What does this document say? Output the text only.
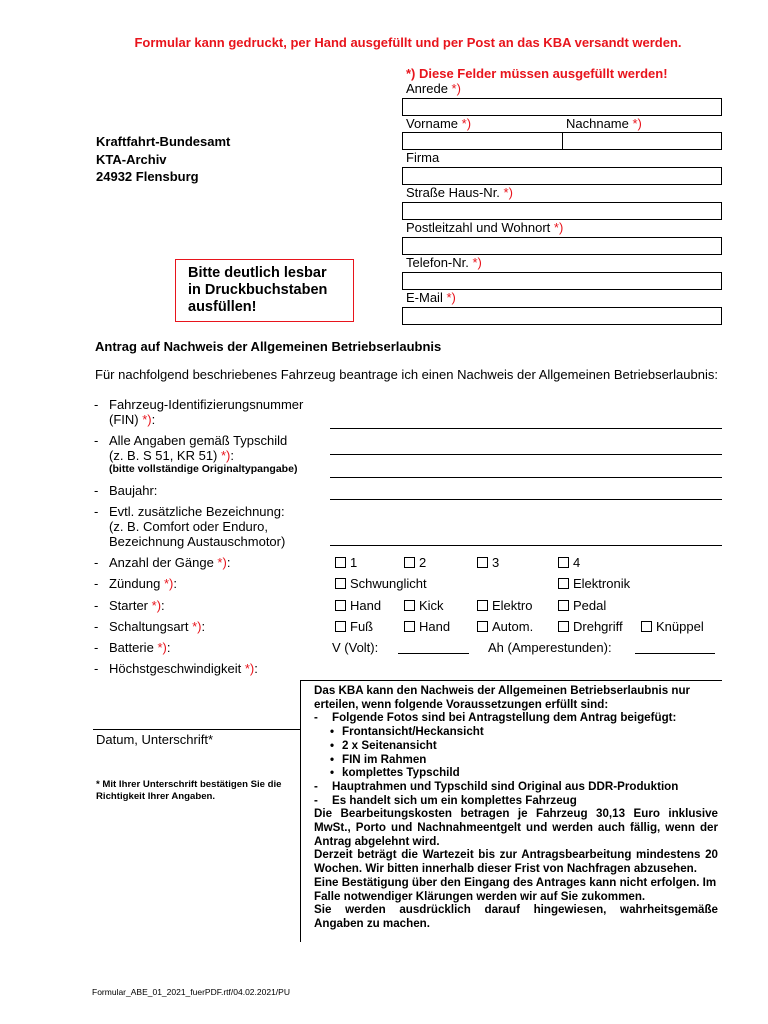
Formular kann gedruckt, per Hand ausgefüllt und per Post an das KBA versandt werden.
*) Diese Felder müssen ausgefüllt werden!
Anrede *)
Vorname *)	Nachname *)
Firma
Straße Haus-Nr. *)
Postleitzahl und Wohnort *)
Telefon-Nr. *)
E-Mail *)
Kraftfahrt-Bundesamt
KTA-Archiv
24932 Flensburg
Bitte deutlich lesbar
in Druckbuchstaben
ausfüllen!
Antrag auf Nachweis der Allgemeinen Betriebserlaubnis
Für nachfolgend beschriebenes Fahrzeug beantrage ich einen Nachweis der Allgemeinen Betriebserlaubnis:
- Fahrzeug-Identifizierungsnummer
(FIN) *):
- Alle Angaben gemäß Typschild
(z. B. S 51, KR 51) *):
(bitte vollständige Originaltypangabe)
- Baujahr:
- Evtl. zusätzliche Bezeichnung:
(z. B. Comfort oder Enduro,
Bezeichnung Austauschmotor)
- Anzahl der Gänge *):	1	2	3	4
- Zündung *):	Schwunglicht	Elektronik
- Starter *):	Hand	Kick	Elektro	Pedal
- Schaltungsart *):	Fuß	Hand	Autom.	Drehgriff	Knüppel
- Batterie *):	V (Volt):	Ah (Amperestunden):
- Höchstgeschwindigkeit *):
Datum, Unterschrift*
* Mit Ihrer Unterschrift bestätigen Sie die Richtigkeit Ihrer Angaben.

Das KBA kann den Nachweis der Allgemeinen Betriebserlaubnis nur erteilen, wenn folgende Voraussetzungen erfüllt sind:

- Folgende Fotos sind bei Antragstellung dem Antrag beigefügt:
• Frontansicht/Heckansicht
• 2 x Seitenansicht
• FIN im Rahmen
• komplettes Typschild
- Hauptrahmen und Typschild sind Original aus DDR-Produktion
- Es handelt sich um ein komplettes Fahrzeug

Die Bearbeitungskosten betragen je Fahrzeug 30,13 Euro inklusive MwSt., Porto und Nachnahmeentgelt und werden auch fällig, wenn der Antrag abgelehnt wird.

Derzeit beträgt die Wartezeit bis zur Antragsbearbeitung mindestens 20 Wochen. Wir bitten innerhalb dieser Frist von Nachfragen abzusehen.

Eine Bestätigung über den Eingang des Antrages kann nicht erfolgen. Im Falle notwendiger Klärungen werden wir auf Sie zukommen.

Sie werden ausdrücklich darauf hingewiesen, wahrheitsgemäße Angaben zu machen.

Formular_ABE_01_2021_fuerPDF.rtf/04.02.2021/PU
